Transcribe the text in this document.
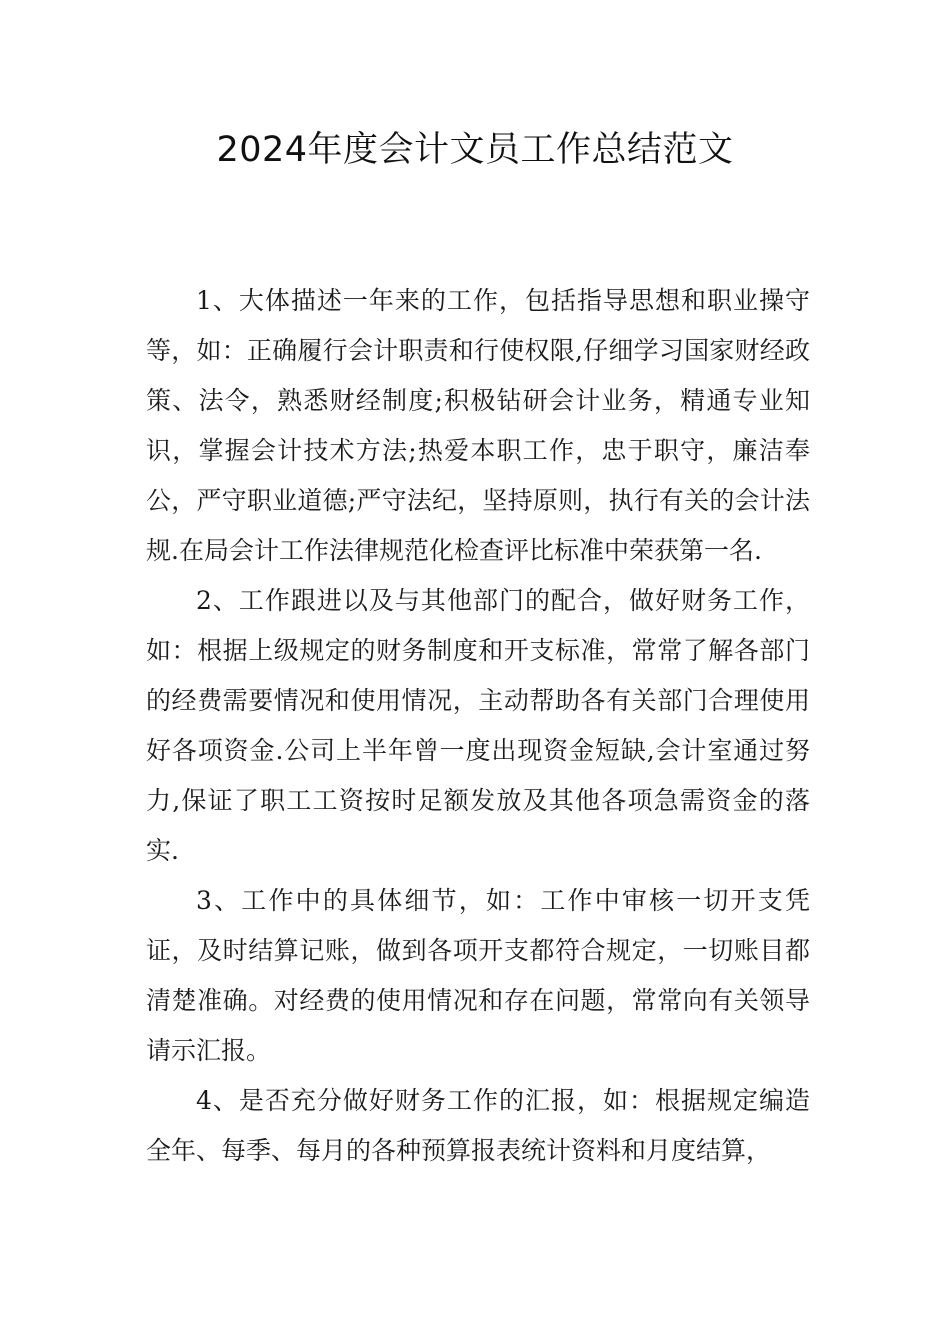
2024年度会计文员工作总结范文

1、大体描述一年来的工作，包括指导思想和职业操守等，如：正确履行会计职责和行使权限,仔细学习国家财经政策、法令，熟悉财经制度;积极钻研会计业务，精通专业知识，掌握会计技术方法;热爱本职工作，忠于职守，廉洁奉公，严守职业道德;严守法纪，坚持原则，执行有关的会计法规.在局会计工作法律规范化检查评比标准中荣获第一名.

2、工作跟进以及与其他部门的配合，做好财务工作，如：根据上级规定的财务制度和开支标准，常常了解各部门的经费需要情况和使用情况，主动帮助各有关部门合理使用好各项资金.公司上半年曾一度出现资金短缺,会计室通过努力,保证了职工工资按时足额发放及其他各项急需资金的落实.

3、工作中的具体细节，如：工作中审核一切开支凭证，及时结算记账，做到各项开支都符合规定，一切账目都清楚准确。对经费的使用情况和存在问题，常常向有关领导请示汇报。

4、是否充分做好财务工作的汇报，如：根据规定编造全年、每季、每月的各种预算报表统计资料和月度结算，
